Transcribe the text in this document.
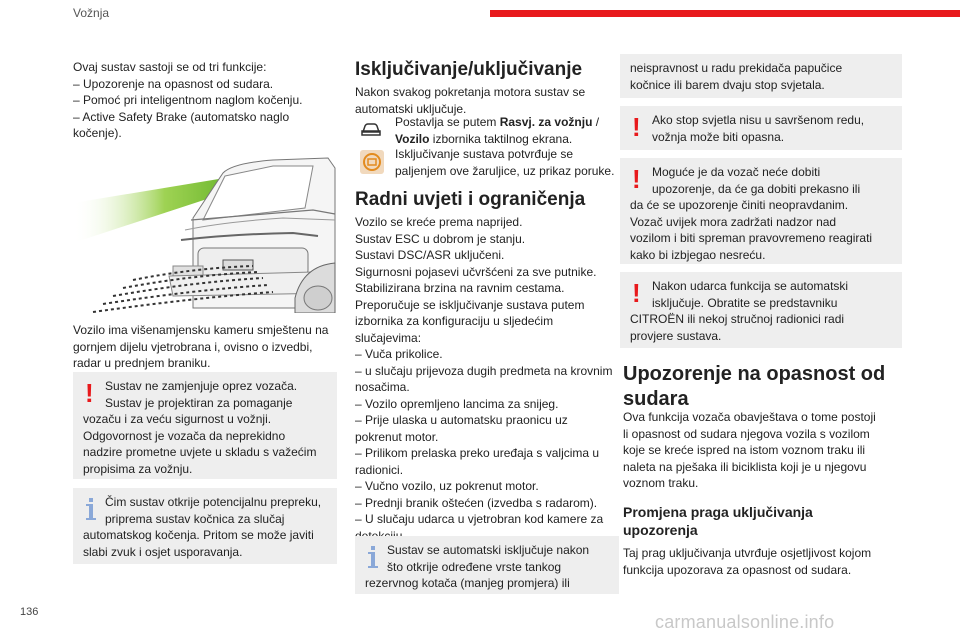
Vožnja

Ovaj sustav sastoji se od tri funkcije:

– Upozorenje na opasnost od sudara.

– Pomoć pri inteligentnom naglom kočenju.

– Active Safety Brake (automatsko naglo

kočenje).

Vozilo ima višenamjensku kameru smještenu na

gornjem dijelu vjetrobrana i, ovisno o izvedbi,

radar u prednjem braniku.

! Sustav ne zamjenjuje oprez vozača.
Sustav je projektiran za pomaganje
vozaču i za veću sigurnost u vožnji.
Odgovornost je vozača da neprekidno
nadzire prometne uvjete u skladu s važećim
propisima za vožnju.
Čim sustav otkrije potencijalnu prepreku,
priprema sustav kočnica za slučaj
automatskog kočenja. Pritom se može javiti
slabi zvuk i osjet usporavanja.
Isključivanje/uključivanje

Nakon svakog pokretanja motora sustav se

automatski uključuje.

Postavlja se putem Rasvj. za vožnju /

Vozilo izbornika taktilnog ekrana.

Isključivanje sustava potvrđuje se

paljenjem ove žaruljice, uz prikaz poruke.

Radni uvjeti i ograničenja

Vozilo se kreće prema naprijed.

Sustav ESC u dobrom je stanju.

Sustavi DSC/ASR uključeni.

Sigurnosni pojasevi učvršćeni za sve putnike.

Stabilizirana brzina na ravnim cestama.

Preporučuje se isključivanje sustava putem

izbornika za konfiguraciju u sljedećim

slučajevima:

– Vuča prikolice.

– u slučaju prijevoza dugih predmeta na krovnim

nosačima.

– Vozilo opremljeno lancima za snijeg.

– Prije ulaska u automatsku praonicu uz

pokrenut motor.

– Prilikom prelaska preko uređaja s valjcima u

radionici.

– Vučno vozilo, uz pokrenut motor.

– Prednji branik oštećen (izvedba s radarom).

– U slučaju udarca u vjetrobran kod kamere za

Sustav se automatski isključuje nakon
što otkrije određene vrste tankog
rezervnog kotača (manjeg promjera) ili
neispravnost u radu prekidača papučice
kočnice ili barem dvaju stop svjetala.
! Ako stop svjetla nisu u savršenom redu,
vožnja može biti opasna.
! Moguće je da vozač neće dobiti
upozorenje, da će ga dobiti prekasno ili
da će se upozorenje činiti neopravdanim.
Vozač uvijek mora zadržati nadzor nad
vozilom i biti spreman pravovremeno reagirati
kako bi izbjegao nesreću.
! Nakon udarca funkcija se automatski
isključuje. Obratite se predstavniku
CITROËN ili nekoj stručnoj radionici radi
provjere sustava.
Upozorenje na opasnost od
sudara

Ova funkcija vozača obavještava o tome postoji

li opasnost od sudara njegova vozila s vozilom

koje se kreće ispred na istom voznom traku ili

naleta na pješaka ili biciklista koji je u njegovu

voznom traku.

Promjena praga uključivanja
upozorenja

Taj prag uključivanja utvrđuje osjetljivost kojom

funkcija upozorava za opasnost od sudara.

136	carmanualsonline.info
